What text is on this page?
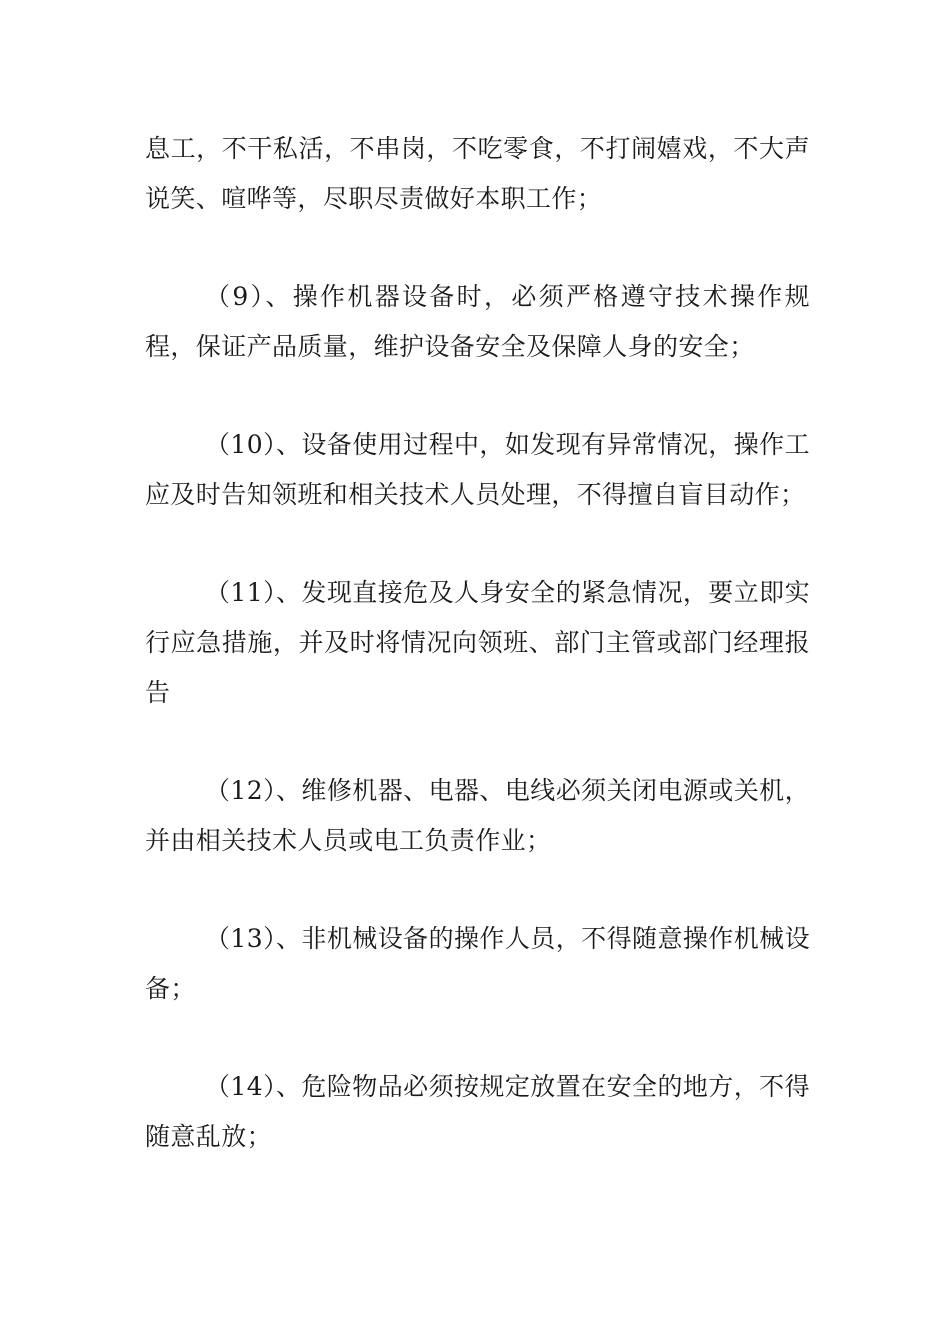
息工，不干私活，不串岗，不吃零食，不打闹嬉戏，不大声说笑、喧哗等，尽职尽责做好本职工作；

（9）、操作机器设备时，必须严格遵守技术操作规程，保证产品质量，维护设备安全及保障人身的安全；

（10）、设备使用过程中，如发现有异常情况，操作工应及时告知领班和相关技术人员处理，不得擅自盲目动作；

（11）、发现直接危及人身安全的紧急情况，要立即实行应急措施，并及时将情况向领班、部门主管或部门经理报告

（12）、维修机器、电器、电线必须关闭电源或关机，并由相关技术人员或电工负责作业；

（13）、非机械设备的操作人员，不得随意操作机械设备；

（14）、危险物品必须按规定放置在安全的地方，不得随意乱放；
